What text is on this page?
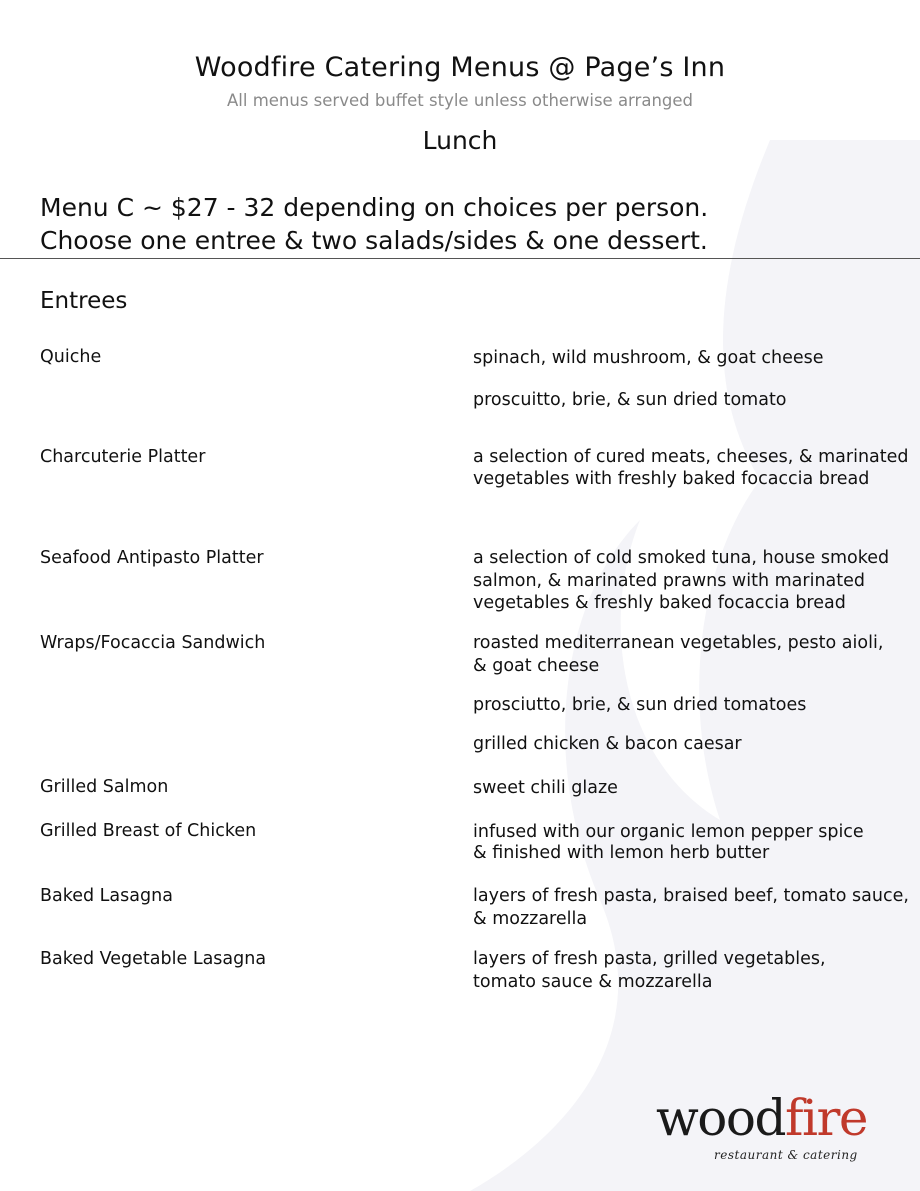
Woodfire Catering Menus @ Page’s Inn
All menus served buffet style unless otherwise arranged
Lunch
Menu C ~ $27 - 32 depending on choices per person.
Choose one entree & two salads/sides & one dessert.
Entrees
Quiche	spinach, wild mushroom, & goat cheese
proscuitto, brie, & sun dried tomato
Charcuterie Platter	a selection of cured meats, cheeses, & marinated
vegetables with freshly baked focaccia bread
Seafood Antipasto Platter	a selection of cold smoked tuna, house smoked
salmon, & marinated prawns with marinated
vegetables & freshly baked focaccia bread
Wraps/Focaccia Sandwich	roasted mediterranean vegetables, pesto aioli,
& goat cheese
prosciutto, brie, & sun dried tomatoes
grilled chicken & bacon caesar
Grilled Salmon	sweet chili glaze
Grilled Breast of Chicken	infused with our organic lemon pepper spice
& finished with lemon herb butter
Baked Lasagna	layers of fresh pasta, braised beef, tomato sauce,
& mozzarella
Baked Vegetable Lasagna	layers of fresh pasta, grilled vegetables,
tomato sauce & mozzarella
woodfire
restaurant & catering
